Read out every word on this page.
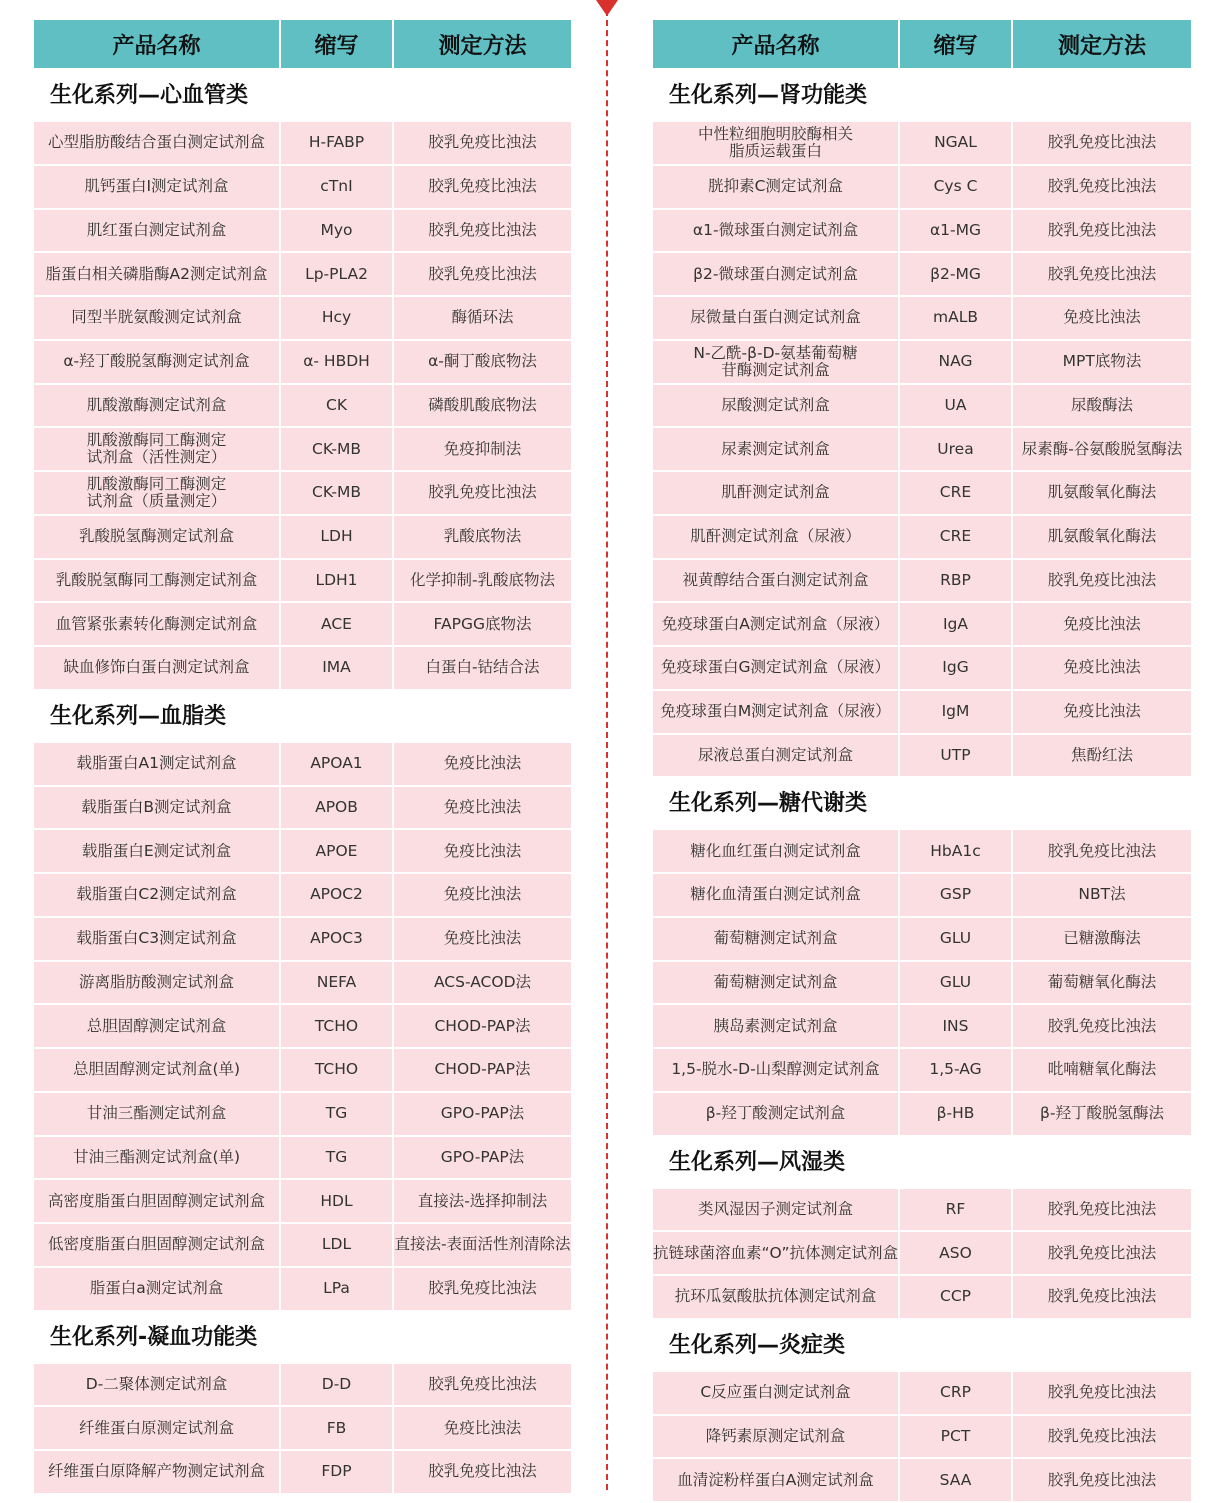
产品名称	缩写	测定方法
生化系列—心血管类
心型脂肪酸结合蛋白测定试剂盒	H-FABP	胶乳免疫比浊法
肌钙蛋白I测定试剂盒	cTnI	胶乳免疫比浊法
肌红蛋白测定试剂盒	Myo	胶乳免疫比浊法
脂蛋白相关磷脂酶A2测定试剂盒	Lp-PLA2	胶乳免疫比浊法
同型半胱氨酸测定试剂盒	Hcy	酶循环法
α-羟丁酸脱氢酶测定试剂盒	α- HBDH	α-酮丁酸底物法
肌酸激酶测定试剂盒	CK	磷酸肌酸底物法
肌酸激酶同工酶测定
试剂盒（活性测定）	CK-MB	免疫抑制法
肌酸激酶同工酶测定
试剂盒（质量测定）	CK-MB	胶乳免疫比浊法
乳酸脱氢酶测定试剂盒	LDH	乳酸底物法
乳酸脱氢酶同工酶测定试剂盒	LDH1	化学抑制-乳酸底物法
血管紧张素转化酶测定试剂盒	ACE	FAPGG底物法
缺血修饰白蛋白测定试剂盒	IMA	白蛋白-钴结合法
生化系列—血脂类
载脂蛋白A1测定试剂盒	APOA1	免疫比浊法
载脂蛋白B测定试剂盒	APOB	免疫比浊法
载脂蛋白E测定试剂盒	APOE	免疫比浊法
载脂蛋白C2测定试剂盒	APOC2	免疫比浊法
载脂蛋白C3测定试剂盒	APOC3	免疫比浊法
游离脂肪酸测定试剂盒	NEFA	ACS-ACOD法
总胆固醇测定试剂盒	TCHO	CHOD-PAP法
总胆固醇测定试剂盒(单)	TCHO	CHOD-PAP法
甘油三酯测定试剂盒	TG	GPO-PAP法
甘油三酯测定试剂盒(单)	TG	GPO-PAP法
高密度脂蛋白胆固醇测定试剂盒	HDL	直接法-选择抑制法
低密度脂蛋白胆固醇测定试剂盒	LDL	直接法-表面活性剂清除法
脂蛋白a测定试剂盒	LPa	胶乳免疫比浊法
生化系列-凝血功能类
D-二聚体测定试剂盒	D-D	胶乳免疫比浊法
纤维蛋白原测定试剂盒	FB	免疫比浊法
纤维蛋白原降解产物测定试剂盒	FDP	胶乳免疫比浊法
产品名称	缩写	测定方法
生化系列—肾功能类
中性粒细胞明胶酶相关
脂质运载蛋白	NGAL	胶乳免疫比浊法
胱抑素C测定试剂盒	Cys C	胶乳免疫比浊法
α1-微球蛋白测定试剂盒	α1-MG	胶乳免疫比浊法
β2-微球蛋白测定试剂盒	β2-MG	胶乳免疫比浊法
尿微量白蛋白测定试剂盒	mALB	免疫比浊法
N-乙酰-β-D-氨基葡萄糖
苷酶测定试剂盒	NAG	MPT底物法
尿酸测定试剂盒	UA	尿酸酶法
尿素测定试剂盒	Urea	尿素酶-谷氨酸脱氢酶法
肌酐测定试剂盒	CRE	肌氨酸氧化酶法
肌酐测定试剂盒（尿液）	CRE	肌氨酸氧化酶法
视黄醇结合蛋白测定试剂盒	RBP	胶乳免疫比浊法
免疫球蛋白A测定试剂盒（尿液）	IgA	免疫比浊法
免疫球蛋白G测定试剂盒（尿液）	IgG	免疫比浊法
免疫球蛋白M测定试剂盒（尿液）	IgM	免疫比浊法
尿液总蛋白测定试剂盒	UTP	焦酚红法
生化系列—糖代谢类
糖化血红蛋白测定试剂盒	HbA1c	胶乳免疫比浊法
糖化血清蛋白测定试剂盒	GSP	NBT法
葡萄糖测定试剂盒	GLU	已糖激酶法
葡萄糖测定试剂盒	GLU	葡萄糖氧化酶法
胰岛素测定试剂盒	INS	胶乳免疫比浊法
1,5-脱水-D-山梨醇测定试剂盒	1,5-AG	吡喃糖氧化酶法
β-羟丁酸测定试剂盒	β-HB	β-羟丁酸脱氢酶法
生化系列—风湿类
类风湿因子测定试剂盒	RF	胶乳免疫比浊法
抗链球菌溶血素“O”抗体测定试剂盒	ASO	胶乳免疫比浊法
抗环瓜氨酸肽抗体测定试剂盒	CCP	胶乳免疫比浊法
生化系列—炎症类
C反应蛋白测定试剂盒	CRP	胶乳免疫比浊法
降钙素原测定试剂盒	PCT	胶乳免疫比浊法
血清淀粉样蛋白A测定试剂盒	SAA	胶乳免疫比浊法
